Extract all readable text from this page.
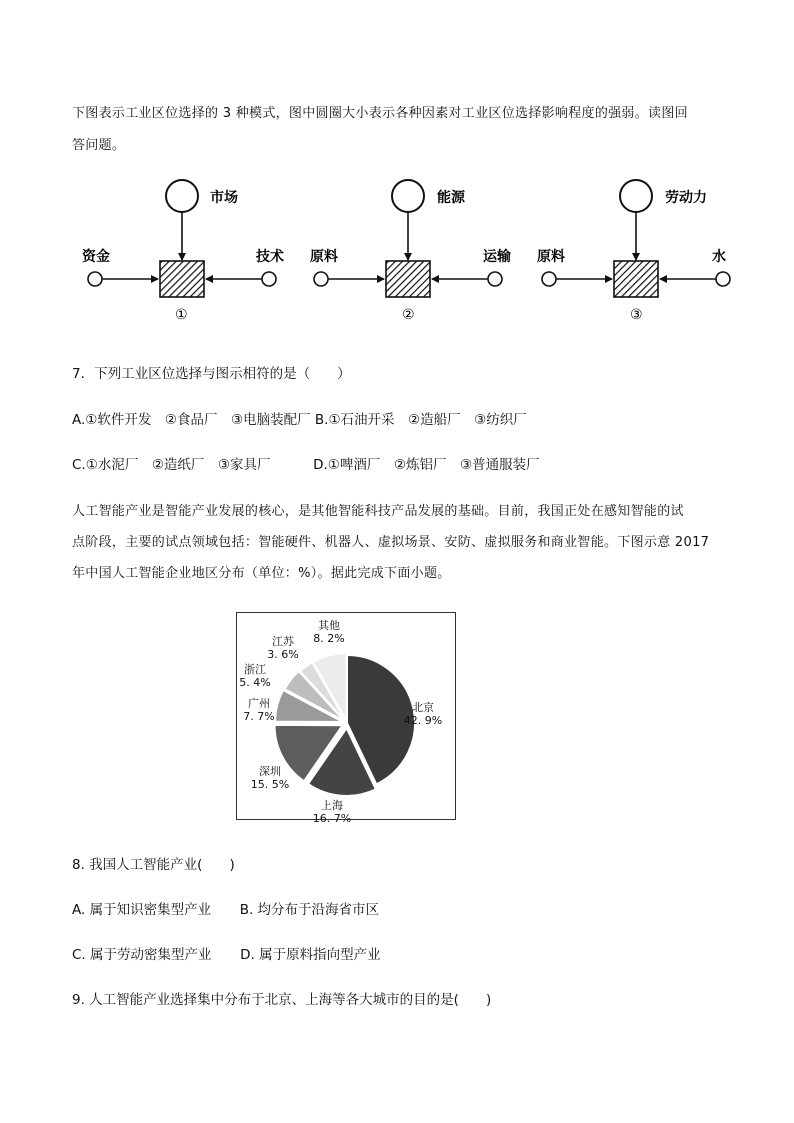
下图表示工业区位选择的 3 种模式，图中圆圈大小表示各种因素对工业区位选择影响程度的强弱。读图回
答问题。
市场
资金	技术
①
能源
原料	运输
②
劳动力
原料	水
③
7．下列工业区位选择与图示相符的是（　　）
A.①软件开发　②食品厂　③电脑装配厂 B.①石油开采　②造船厂　③纺织厂
C.①水泥厂　②造纸厂　③家具厂	D.①啤酒厂　②炼铝厂　③普通服装厂
人工智能产业是智能产业发展的核心，是其他智能科技产品发展的基础。目前，我国正处在感知智能的试
点阶段，主要的试点领域包括：智能硬件、机器人、虚拟场景、安防、虚拟服务和商业智能。下图示意 2017
年中国人工智能企业地区分布（单位：%）。据此完成下面小题。
北京
42. 9%
上海
16. 7%
深圳
15. 5%
广州
7. 7%
浙江
5. 4%
江苏
3. 6%
其他
8. 2%
8. 我国人工智能产业(　　)
A. 属于知识密集型产业 B. 均分布于沿海省市区
C. 属于劳动密集型产业 D. 属于原料指向型产业
9. 人工智能产业选择集中分布于北京、上海等各大城市的目的是(　　)
